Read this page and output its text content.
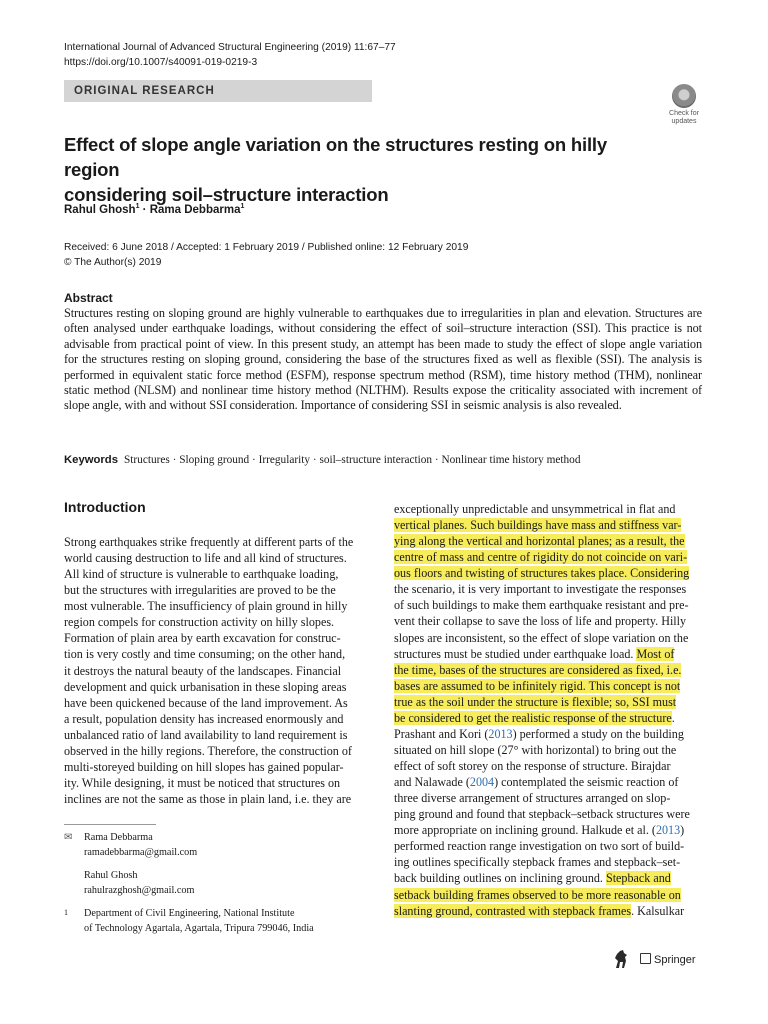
International Journal of Advanced Structural Engineering (2019) 11:67–77
https://doi.org/10.1007/s40091-019-0219-3
ORIGINAL RESEARCH
Check for
updates
Effect of slope angle variation on the structures resting on hilly region
considering soil–structure interaction
Rahul Ghosh$^1$ · Rama Debbarma$^1$
Received: 6 June 2018 / Accepted: 1 February 2019 / Published online: 12 February 2019
© The Author(s) 2019
Abstract
Structures resting on sloping ground are highly vulnerable to earthquakes due to irregularities in plan and elevation. Structures are often analysed under earthquake loadings, without considering the effect of soil–structure interaction (SSI). This practice is not advisable from practical point of view. In this present study, an attempt has been made to study the effect of slope angle variation for the structures resting on sloping ground, considering the base of the structures fixed as well as flexible (SSI). The analysis is performed in equivalent static force method (ESFM), response spectrum method (RSM), time history method (THM), nonlinear static method (NLSM) and nonlinear time history method (NLTHM). Results expose the criticality associated with increment of slope angle, with and without SSI consideration. Importance of considering SSI in seismic analysis is also revealed.
Keywords Structures · Sloping ground · Irregularity · soil–structure interaction · Nonlinear time history method
Introduction
Strong earthquakes strike frequently at different parts of the
world causing destruction to life and all kind of structures.
All kind of structure is vulnerable to earthquake loading,
but the structures with irregularities are proved to be the
most vulnerable. The insufficiency of plain ground in hilly
region compels for construction activity on hilly slopes.
Formation of plain area by earth excavation for construc-
tion is very costly and time consuming; on the other hand,
it destroys the natural beauty of the landscapes. Financial
development and quick urbanisation in these sloping areas
have been quickened because of the land improvement. As
a result, population density has increased enormously and
unbalanced ratio of land availability to land requirement is
observed in the hilly regions. Therefore, the construction of
multi-storeyed building on hill slopes has gained popular-
ity. While designing, it must be noticed that structures on
inclines are not the same as those in plain land, i.e. they are
exceptionally unpredictable and unsymmetrical in flat and
vertical planes. Such buildings have mass and stiffness var-
ying along the vertical and horizontal planes; as a result, the
centre of mass and centre of rigidity do not coincide on vari-
ous floors and twisting of structures takes place. Considering
the scenario, it is very important to investigate the responses
of such buildings to make them earthquake resistant and pre-
vent their collapse to save the loss of life and property. Hilly
slopes are inconsistent, so the effect of slope variation on the
structures must be studied under earthquake load. Most of
the time, bases of the structures are considered as fixed, i.e.
bases are assumed to be infinitely rigid. This concept is not
true as the soil under the structure is flexible; so, SSI must
be considered to get the realistic response of the structure.
Prashant and Kori (2013) performed a study on the building
situated on hill slope (27° with horizontal) to bring out the
effect of soft storey on the response of structure. Birajdar
and Nalawade (2004) contemplated the seismic reaction of
three diverse arrangement of structures arranged on slop-
ping ground and found that stepback–setback structures were
more appropriate on inclining ground. Halkude et al. (2013)
performed reaction range investigation on two sort of build-
ing outlines specifically stepback frames and stepback–set-
back building outlines on inclining ground. Stepback and
setback building frames observed to be more reasonable on
slanting ground, contrasted with stepback frames. Kalsulkar
✉ Rama Debbarma
ramadebbarma@gmail.com
Rahul Ghosh
rahulrazghosh@gmail.com
1 Department of Civil Engineering, National Institute
of Technology Agartala, Agartala, Tripura 799046, India
Springer
